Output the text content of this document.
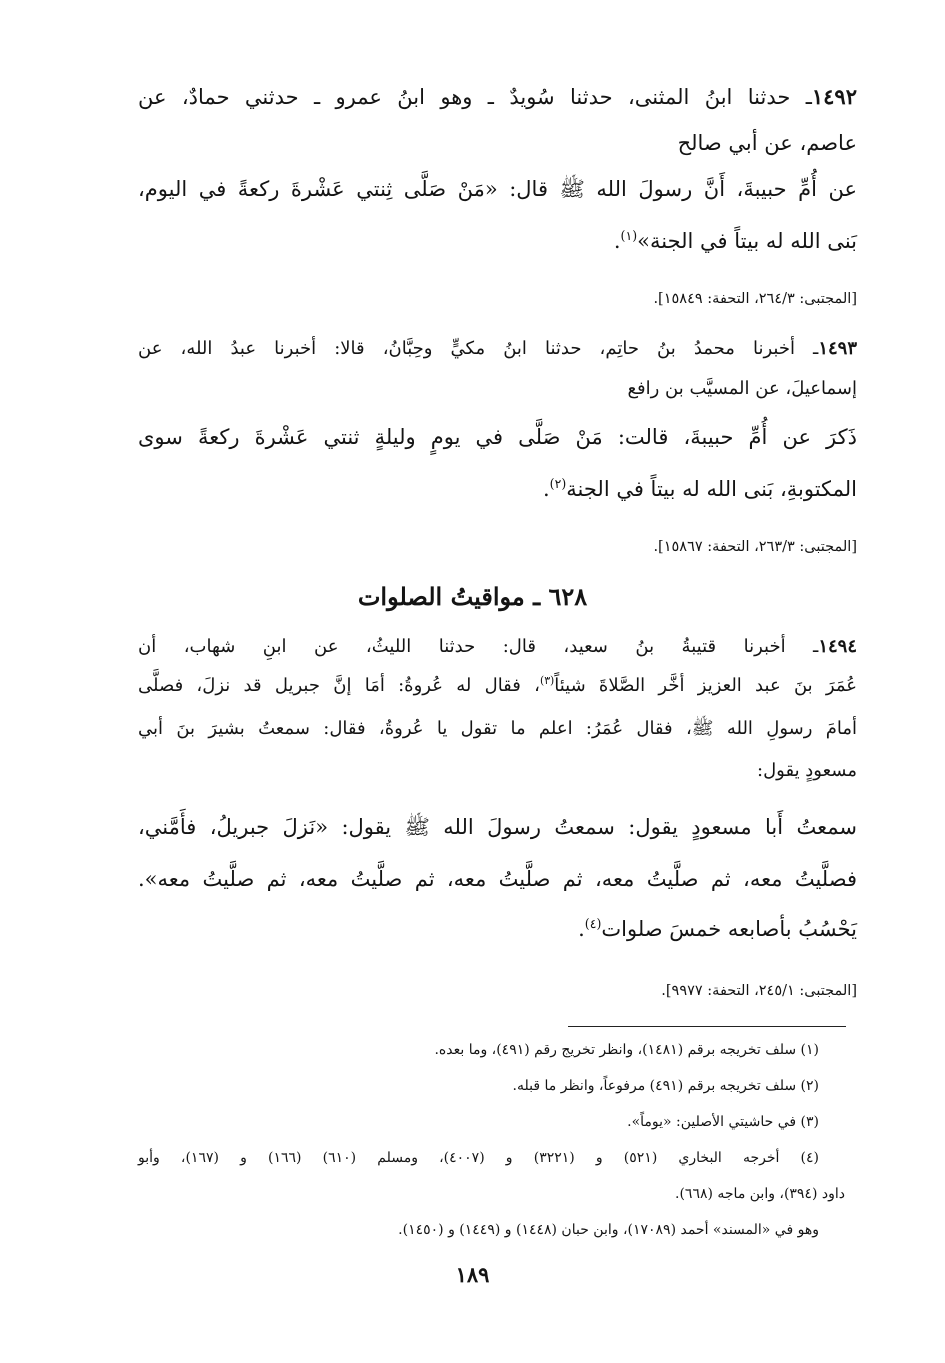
١٤٩٢ـ حدثنا ابنُ المثنى، حدثنا سُويدٌ ـ وهو ابنُ عمرو ـ حدثني حمادٌ، عن
عاصم، عن أبي صالح
عن أُمِّ حبيبةَ، أَنَّ رسولَ الله ﷺ قال: «مَنْ صَلَّى ثِنتي عَشْرةَ ركعةً في اليوم،
بَنى الله له بيتاً في الجنة»$^{(١)}$.
[المجتبى: ٢٦٤/٣، التحفة: ١٥٨٤٩].
١٤٩٣ـ أخبرنا محمدُ بنُ حاتِم، حدثنا ابنُ مكيٍّ وحِبَّانُ، قالا: أخبرنا عبدُ الله، عن
إسماعيلَ، عن المسيَّب بن رافع
ذَكرَ عن أُمِّ حبيبةَ، قالت: مَنْ صَلَّى في يومٍ وليلةٍ ثنتي عَشْرةَ ركعةً سوى
المكتوبةِ، بَنى الله له بيتاً في الجنة$^{(٢)}$.
[المجتبى: ٢٦٣/٣، التحفة: ١٥٨٦٧].
٦٢٨ ـ مواقيتُ الصلوات
١٤٩٤ـ أخبرنا قتيبةُ بنُ سعيد، قال: حدثنا الليثُ، عن ابنِ شهاب، أن
عُمَرَ بنَ عبد العزيز أخَّر الصَّلاةَ شيئاً$^{(٣)}$، فقال له عُروةُ: أمَا إنَّ جبريل قد نزلَ، فصلَّى
أمامَ رسولِ الله ﷺ، فقال عُمَرُ: اعلم ما تقول يا عُروةُ، فقال: سمعتُ بشيرَ بنَ أبي
مسعودٍ يقول:
سمعتُ أَبا مسعودٍ يقول: سمعتُ رسولَ الله ﷺ يقول: «نَزلَ جبريلُ، فأَمَّني،
فصلَّيتُ معه، ثم صلَّيتُ معه، ثم صلَّيتُ معه، ثم صلَّيتُ معه، ثم صلَّيتُ معه».
يَحْسُبُ بأصابعه خمسَ صلوات$^{(٤)}$.
[المجتبى: ٢٤٥/١، التحفة: ٩٩٧٧].
(١) سلف تخريجه برقم (١٤٨١)، وانظر تخريج رقم (٤٩١)، وما بعده.
(٢) سلف تخريجه برقم (٤٩١) مرفوعاً، وانظر ما قبله.
(٣) في حاشيتي الأصلين: «يوماً».
(٤) أخرجه البخاري (٥٢١) و (٣٢٢١) و (٤٠٠٧)، ومسلم (٦١٠) (١٦٦) و (١٦٧)، وأبو
داود (٣٩٤)، وابن ماجه (٦٦٨).
وهو في «المسند» أحمد (١٧٠٨٩)، وابن حبان (١٤٤٨) و (١٤٤٩) و (١٤٥٠).
١٨٩
